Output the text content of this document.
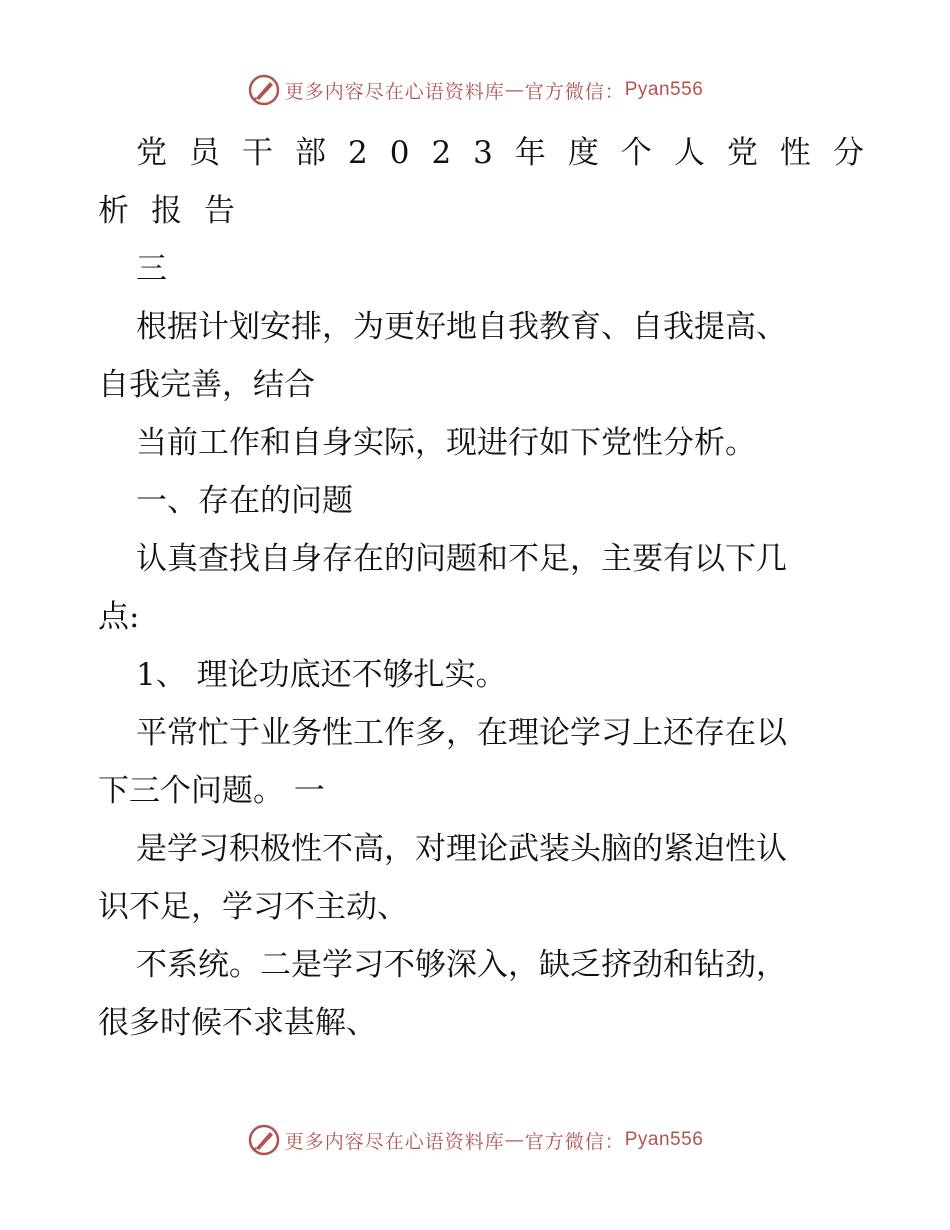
更多内容尽在心语资料库 — 官方微信： Pyan556
党员干部2023年度个人党性分
析报告
三
根据计划安排，为更好地自我教育、自我提高、
自我完善，结合
当前工作和自身实际，现进行如下党性分析。
一、存在的问题
认真查找自身存在的问题和不足，主要有以下几
点:
1、 理论功底还不够扎实。
平常忙于业务性工作多，在理论学习上还存在以
下三个问题。 一
是学习积极性不高，对理论武装头脑的紧迫性认
识不足，学习不主动、
不系统。二是学习不够深入，缺乏挤劲和钻劲，
很多时候不求甚解、
更多内容尽在心语资料库 — 官方微信： Pyan556
